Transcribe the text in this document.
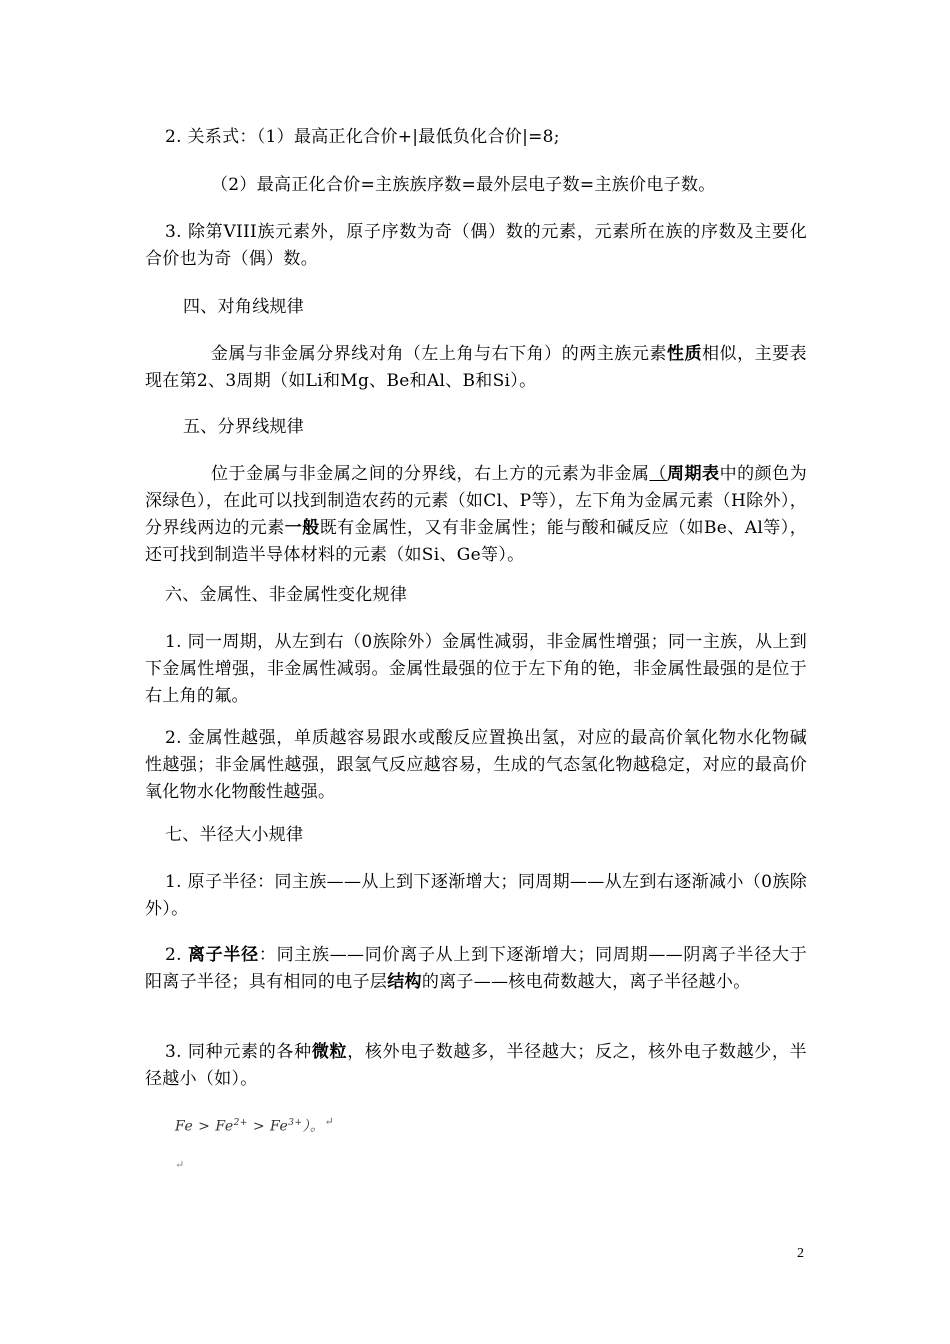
2. 关系式：（1）最高正化合价+|最低负化合价|=8;

（2）最高正化合价=主族族序数=最外层电子数=主族价电子数。

3. 除第VIII族元素外，原子序数为奇（偶）数的元素，元素所在族的序数及主要化合价也为奇（偶）数。

四、对角线规律

金属与非金属分界线对角（左上角与右下角）的两主族元素性质相似，主要表现在第2、3周期（如Li和Mg、Be和Al、B和Si）。

五、分界线规律

位于金属与非金属之间的分界线，右上方的元素为非金属（周期表中的颜色为深绿色），在此可以找到制造农药的元素（如Cl、P等），左下角为金属元素（H除外），分界线两边的元素一般既有金属性，又有非金属性；能与酸和碱反应（如Be、Al等），还可找到制造半导体材料的元素（如Si、Ge等）。

六、金属性、非金属性变化规律

1. 同一周期，从左到右（0族除外）金属性减弱，非金属性增强；同一主族，从上到下金属性增强，非金属性减弱。金属性最强的位于左下角的铯，非金属性最强的是位于右上角的氟。

2. 金属性越强，单质越容易跟水或酸反应置换出氢，对应的最高价氧化物水化物碱性越强；非金属性越强，跟氢气反应越容易，生成的气态氢化物越稳定，对应的最高价氧化物水化物酸性越强。

七、半径大小规律

1. 原子半径：同主族——从上到下逐渐增大；同周期——从左到右逐渐减小（0族除外）。

2. 离子半径：同主族——同价离子从上到下逐渐增大；同周期——阴离子半径大于阳离子半径；具有相同的电子层结构的离子——核电荷数越大，离子半径越小。

3. 同种元素的各种微粒，核外电子数越多，半径越大；反之，核外电子数越少，半径越小（如）。

$Fe > Fe^{2+} > Fe^{3+}$）。↵
↵
2
